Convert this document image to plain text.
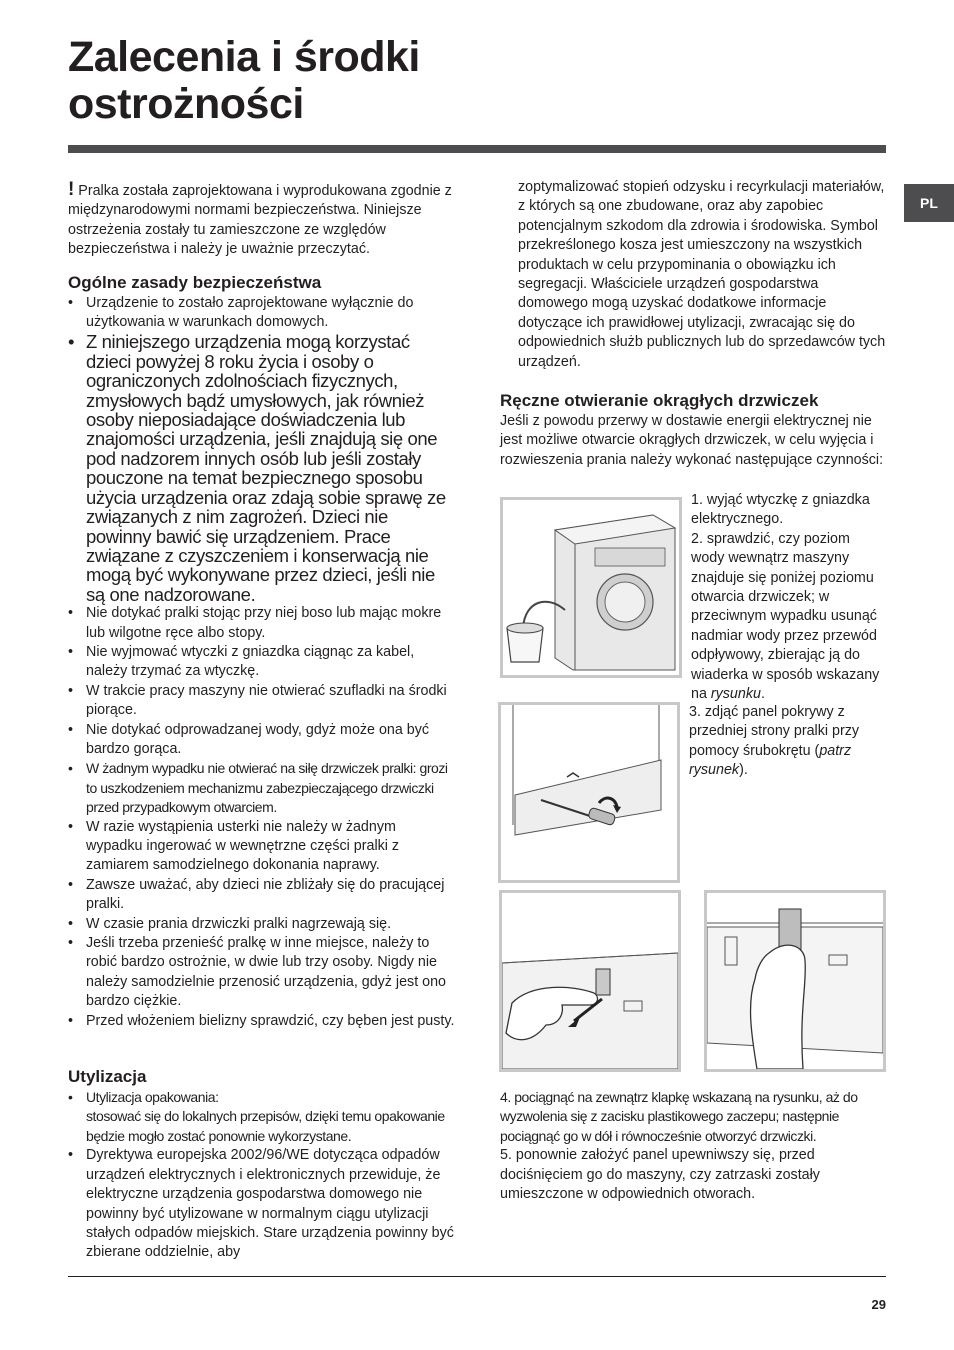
Zalecenia i środki
ostrożności
PL

! Pralka została zaprojektowana i wyprodukowana zgodnie z międzynarodowymi normami bezpieczeństwa. Niniejsze ostrzeżenia zostały tu zamieszczone ze względów bezpieczeństwa i należy je uważnie przeczytać.

Ogólne zasady bezpieczeństwa
• Urządzenie to zostało zaprojektowane wyłącznie do użytkowania w warunkach domowych.
• Z niniejszego urządzenia mogą korzystać dzieci powyżej 8 roku życia i osoby o ograniczonych zdolnościach fizycznych, zmysłowych bądź umysłowych, jak również osoby nieposiadające doświadczenia lub znajomości urządzenia, jeśli znajdują się one pod nadzorem innych osób lub jeśli zostały pouczone na temat bezpiecznego sposobu użycia urządzenia oraz zdają sobie sprawę ze związanych z nim zagrożeń. Dzieci nie powinny bawić się urządzeniem. Prace związane z czyszczeniem i konserwacją nie mogą być wykonywane przez dzieci, jeśli nie są one nadzorowane.
• Nie dotykać pralki stojąc przy niej boso lub mając mokre lub wilgotne ręce albo stopy.
• Nie wyjmować wtyczki z gniazdka ciągnąc za kabel, należy trzymać za wtyczkę.
• W trakcie pracy maszyny nie otwierać szufladki na środki piorące.
• Nie dotykać odprowadzanej wody, gdyż może ona być bardzo gorąca.
• W żadnym wypadku nie otwierać na siłę drzwiczek pralki: grozi to uszkodzeniem mechanizmu zabezpieczającego drzwiczki przed przypadkowym otwarciem.
• W razie wystąpienia usterki nie należy w żadnym wypadku ingerować w wewnętrzne części pralki z zamiarem samodzielnego dokonania naprawy.
• Zawsze uważać, aby dzieci nie zbliżały się do pracującej pralki.
• W czasie prania drzwiczki pralki nagrzewają się.
• Jeśli trzeba przenieść pralkę w inne miejsce, należy to robić bardzo ostrożnie, w dwie lub trzy osoby. Nigdy nie należy samodzielnie przenosić urządzenia, gdyż jest ono bardzo ciężkie.
• Przed włożeniem bielizny sprawdzić, czy bęben jest pusty.
Utylizacja
• Utylizacja opakowania:
stosować się do lokalnych przepisów, dzięki temu opakowanie będzie mogło zostać ponownie wykorzystane.
• Dyrektywa europejska 2002/96/WE dotycząca odpadów urządzeń elektrycznych i elektronicznych przewiduje, że elektryczne urządzenia gospodarstwa domowego nie powinny być utylizowane w normalnym ciągu utylizacji stałych odpadów miejskich. Stare urządzenia powinny być zbierane oddzielnie, aby

zoptymalizować stopień odzysku i recyrkulacji materiałów, z których są one zbudowane, oraz aby zapobiec potencjalnym szkodom dla zdrowia i środowiska. Symbol przekreślonego kosza jest umieszczony na wszystkich produktach w celu przypominania o obowiązku ich segregacji. Właściciele urządzeń gospodarstwa domowego mogą uzyskać dodatkowe informacje dotyczące ich prawidłowej utylizacji, zwracając się do odpowiednich służb publicznych lub do sprzedawców tych urządzeń.

Ręczne otwieranie okrągłych drzwiczek

Jeśli z powodu przerwy w dostawie energii elektrycznej nie jest możliwe otwarcie okrągłych drzwiczek, w celu wyjęcia i rozwieszenia prania należy wykonać następujące czynności:

1. wyjąć wtyczkę z gniazdka elektrycznego.

2. sprawdzić, czy poziom wody wewnątrz maszyny znajduje się poniżej poziomu otwarcia drzwiczek; w przeciwnym wypadku usunąć nadmiar wody przez przewód odpływowy, zbierając ją do wiaderka w sposób wskazany na rysunku.

3. zdjąć panel pokrywy z przedniej strony pralki przy pomocy śrubokrętu (patrz rysunek).

4. pociągnąć na zewnątrz klapkę wskazaną na rysunku, aż do wyzwolenia się z zacisku plastikowego zaczepu; następnie pociągnąć go w dół i równocześnie otworzyć drzwiczki.

5. ponownie założyć panel upewniwszy się, przed dociśnięciem go do maszyny, czy zatrzaski zostały umieszczone w odpowiednich otworach.

29
